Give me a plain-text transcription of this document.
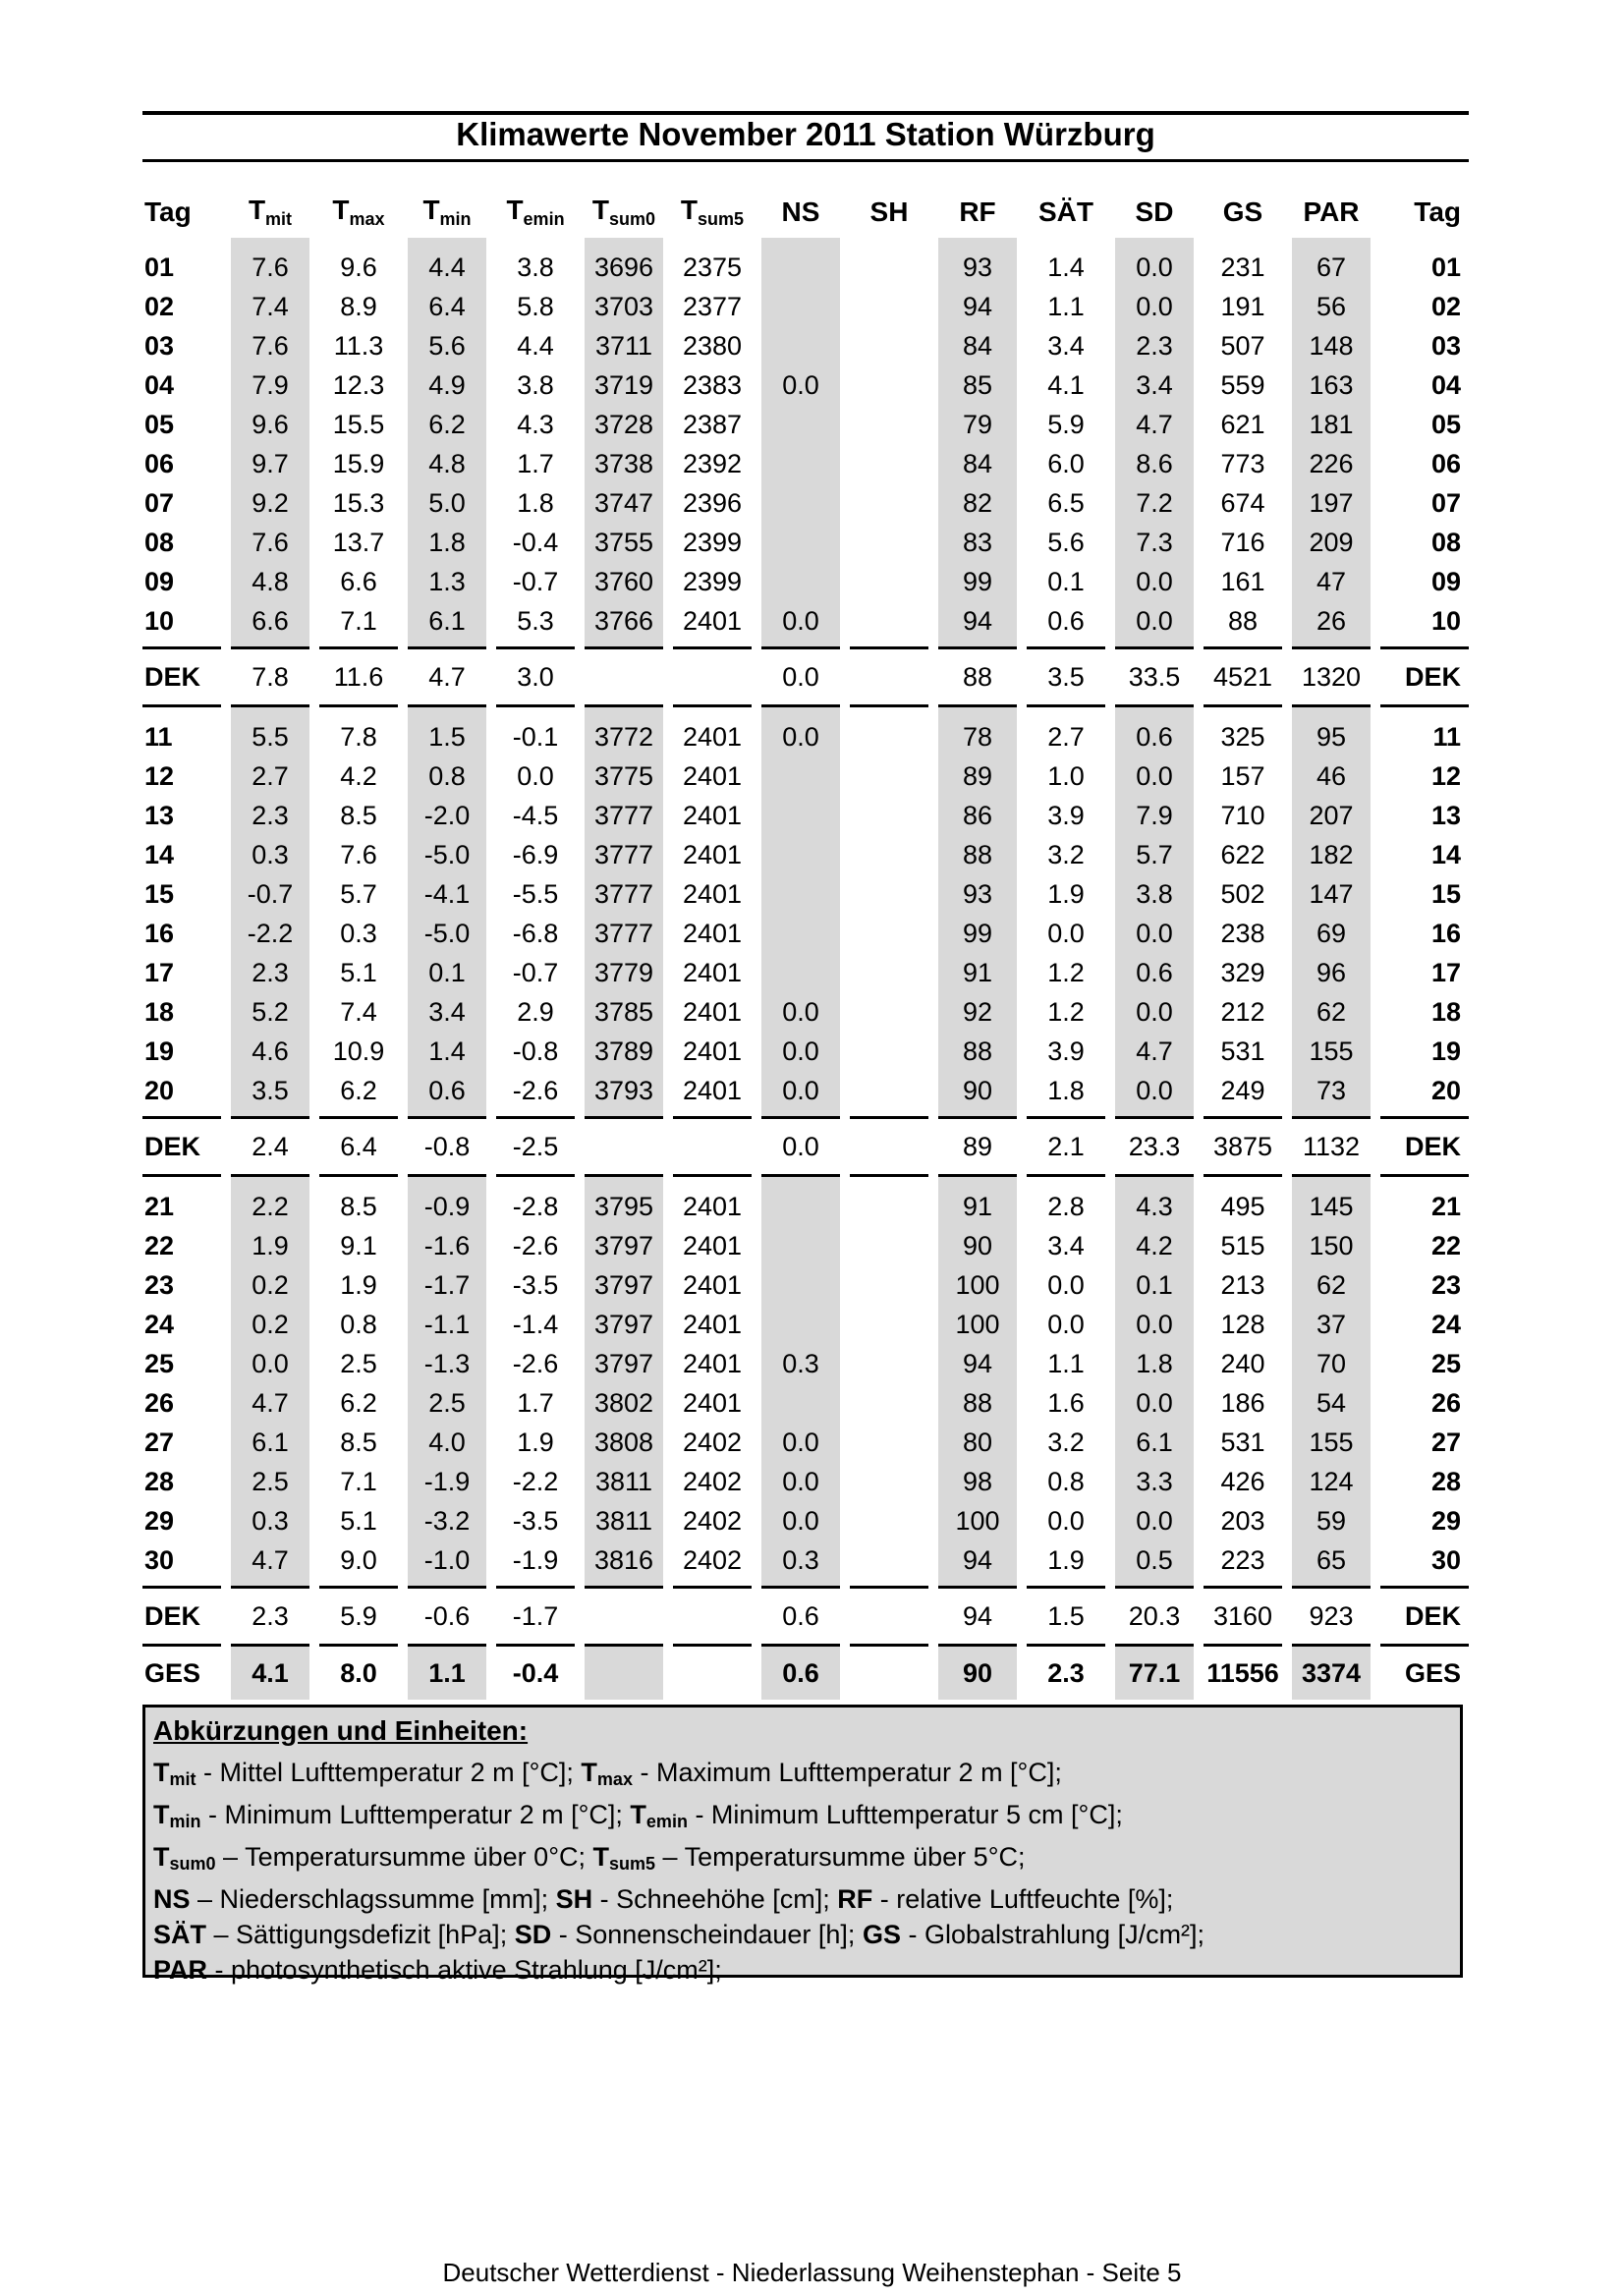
Klimawerte November 2011 Station Würzburg
Tag	$T_{mit}$	$T_{max}$	$T_{min}$	$T_{emin}$	$T_{sum0}$	$T_{sum5}$	NS	SH	RF	SÄT	SD	GS	PAR	Tag
01	7.6	9.6	4.4	3.8	3696	2375			93	1.4	0.0	231	67	01
02	7.4	8.9	6.4	5.8	3703	2377			94	1.1	0.0	191	56	02
03	7.6	11.3	5.6	4.4	3711	2380			84	3.4	2.3	507	148	03
04	7.9	12.3	4.9	3.8	3719	2383	0.0		85	4.1	3.4	559	163	04
05	9.6	15.5	6.2	4.3	3728	2387			79	5.9	4.7	621	181	05
06	9.7	15.9	4.8	1.7	3738	2392			84	6.0	8.6	773	226	06
07	9.2	15.3	5.0	1.8	3747	2396			82	6.5	7.2	674	197	07
08	7.6	13.7	1.8	-0.4	3755	2399			83	5.6	7.3	716	209	08
09	4.8	6.6	1.3	-0.7	3760	2399			99	0.1	0.0	161	47	09
10	6.6	7.1	6.1	5.3	3766	2401	0.0		94	0.6	0.0	88	26	10
DEK	7.8	11.6	4.7	3.0			0.0		88	3.5	33.5	4521	1320	DEK
11	5.5	7.8	1.5	-0.1	3772	2401	0.0		78	2.7	0.6	325	95	11
12	2.7	4.2	0.8	0.0	3775	2401			89	1.0	0.0	157	46	12
13	2.3	8.5	-2.0	-4.5	3777	2401			86	3.9	7.9	710	207	13
14	0.3	7.6	-5.0	-6.9	3777	2401			88	3.2	5.7	622	182	14
15	-0.7	5.7	-4.1	-5.5	3777	2401			93	1.9	3.8	502	147	15
16	-2.2	0.3	-5.0	-6.8	3777	2401			99	0.0	0.0	238	69	16
17	2.3	5.1	0.1	-0.7	3779	2401			91	1.2	0.6	329	96	17
18	5.2	7.4	3.4	2.9	3785	2401	0.0		92	1.2	0.0	212	62	18
19	4.6	10.9	1.4	-0.8	3789	2401	0.0		88	3.9	4.7	531	155	19
20	3.5	6.2	0.6	-2.6	3793	2401	0.0		90	1.8	0.0	249	73	20
DEK	2.4	6.4	-0.8	-2.5			0.0		89	2.1	23.3	3875	1132	DEK
21	2.2	8.5	-0.9	-2.8	3795	2401			91	2.8	4.3	495	145	21
22	1.9	9.1	-1.6	-2.6	3797	2401			90	3.4	4.2	515	150	22
23	0.2	1.9	-1.7	-3.5	3797	2401			100	0.0	0.1	213	62	23
24	0.2	0.8	-1.1	-1.4	3797	2401			100	0.0	0.0	128	37	24
25	0.0	2.5	-1.3	-2.6	3797	2401	0.3		94	1.1	1.8	240	70	25
26	4.7	6.2	2.5	1.7	3802	2401			88	1.6	0.0	186	54	26
27	6.1	8.5	4.0	1.9	3808	2402	0.0		80	3.2	6.1	531	155	27
28	2.5	7.1	-1.9	-2.2	3811	2402	0.0		98	0.8	3.3	426	124	28
29	0.3	5.1	-3.2	-3.5	3811	2402	0.0		100	0.0	0.0	203	59	29
30	4.7	9.0	-1.0	-1.9	3816	2402	0.3		94	1.9	0.5	223	65	30
DEK	2.3	5.9	-0.6	-1.7			0.6		94	1.5	20.3	3160	923	DEK
GES	4.1	8.0	1.1	-0.4			0.6		90	2.3	77.1	11556	3374	GES
Abkürzungen und Einheiten:
$T_{mit}$ - Mittel Lufttemperatur 2 m [°C]; $T_{max}$ - Maximum Lufttemperatur 2 m [°C];
$T_{min}$ - Minimum Lufttemperatur 2 m [°C]; $T_{emin}$ - Minimum Lufttemperatur 5 cm [°C];
$T_{sum0}$ – Temperatursumme über 0°C; $T_{sum5}$ – Temperatursumme über 5°C;
NS – Niederschlagssumme [mm]; SH - Schneehöhe [cm]; RF - relative Luftfeuchte [%];
SÄT – Sättigungsdefizit [hPa]; SD - Sonnenscheindauer [h]; GS - Globalstrahlung [J/cm²];
PAR - photosynthetisch aktive Strahlung [J/cm²];
Deutscher Wetterdienst - Niederlassung Weihenstephan - Seite 5
